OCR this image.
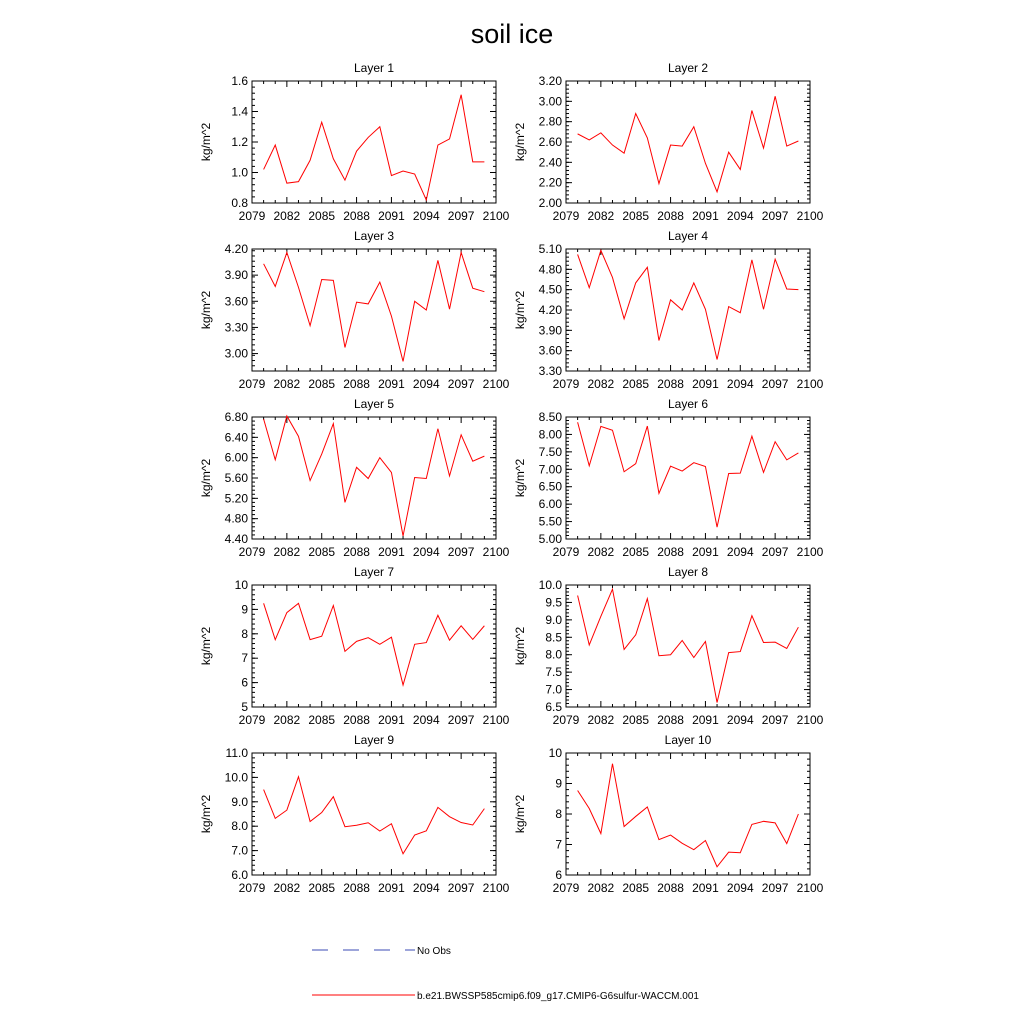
soil ice
Layer 1
2079 2082 2085 2088 2091 2094 2097 2100
0.8
1.0
1.2
1.4
1.6
kg/m^2
Layer 2
2079 2082 2085 2088 2091 2094 2097 2100
2.00
2.20
2.40
2.60
2.80
3.00
3.20
kg/m^2
Layer 3
2079 2082 2085 2088 2091 2094 2097 2100
3.00
3.30
3.60
3.90
4.20
kg/m^2
Layer 4
2079 2082 2085 2088 2091 2094 2097 2100
3.30
3.60
3.90
4.20
4.50
4.80
5.10
kg/m^2
Layer 5
2079 2082 2085 2088 2091 2094 2097 2100
4.40
4.80
5.20
5.60
6.00
6.40
6.80
kg/m^2
Layer 6
2079 2082 2085 2088 2091 2094 2097 2100
5.00
5.50
6.00
6.50
7.00
7.50
8.00
8.50
kg/m^2
Layer 7
2079 2082 2085 2088 2091 2094 2097 2100
5
6
7
8
9
10
kg/m^2
Layer 8
2079 2082 2085 2088 2091 2094 2097 2100
6.5
7.0
7.5
8.0
8.5
9.0
9.5
10.0
kg/m^2
Layer 9
2079 2082 2085 2088 2091 2094 2097 2100
6.0
7.0
8.0
9.0
10.0
11.0
kg/m^2
Layer 10
2079 2082 2085 2088 2091 2094 2097 2100
6
7
8
9
10
kg/m^2
No Obs
b.e21.BWSSP585cmip6.f09_g17.CMIP6-G6sulfur-WACCM.001
